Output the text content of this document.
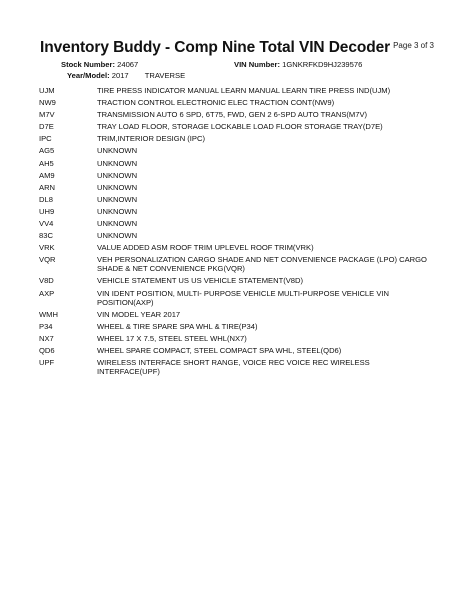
Page 3 of 3
Inventory Buddy - Comp Nine Total VIN Decoder
Stock Number: 24067	VIN Number: 1GNKRFKD9HJ239576
Year/Model: 2017 TRAVERSE
UJM	TIRE PRESS INDICATOR MANUAL LEARN MANUAL LEARN TIRE PRESS IND(UJM)
NW9	TRACTION CONTROL ELECTRONIC ELEC TRACTION CONT(NW9)
M7V	TRANSMISSION AUTO 6 SPD, 6T75, FWD, GEN 2 6-SPD AUTO TRANS(M7V)
D7E	TRAY LOAD FLOOR, STORAGE LOCKABLE LOAD FLOOR STORAGE TRAY(D7E)
IPC	TRIM,INTERIOR DESIGN (IPC)
AG5	UNKNOWN
AH5	UNKNOWN
AM9	UNKNOWN
ARN	UNKNOWN
DL8	UNKNOWN
UH9	UNKNOWN
VV4	UNKNOWN
83C	UNKNOWN
VRK	VALUE ADDED ASM ROOF TRIM UPLEVEL ROOF TRIM(VRK)
VQR	VEH PERSONALIZATION CARGO SHADE AND NET CONVENIENCE PACKAGE (LPO) CARGO SHADE & NET CONVENIENCE PKG(VQR)
V8D	VEHICLE STATEMENT US US VEHICLE STATEMENT(V8D)
AXP	VIN IDENT POSITION, MULTI- PURPOSE VEHICLE MULTI-PURPOSE VEHICLE VIN POSITION(AXP)
WMH	VIN MODEL YEAR 2017
P34	WHEEL & TIRE SPARE SPA WHL & TIRE(P34)
NX7	WHEEL 17 X 7.5, STEEL STEEL WHL(NX7)
QD6	WHEEL SPARE COMPACT, STEEL COMPACT SPA WHL, STEEL(QD6)
UPF	WIRELESS INTERFACE SHORT RANGE, VOICE REC VOICE REC WIRELESS INTERFACE(UPF)
